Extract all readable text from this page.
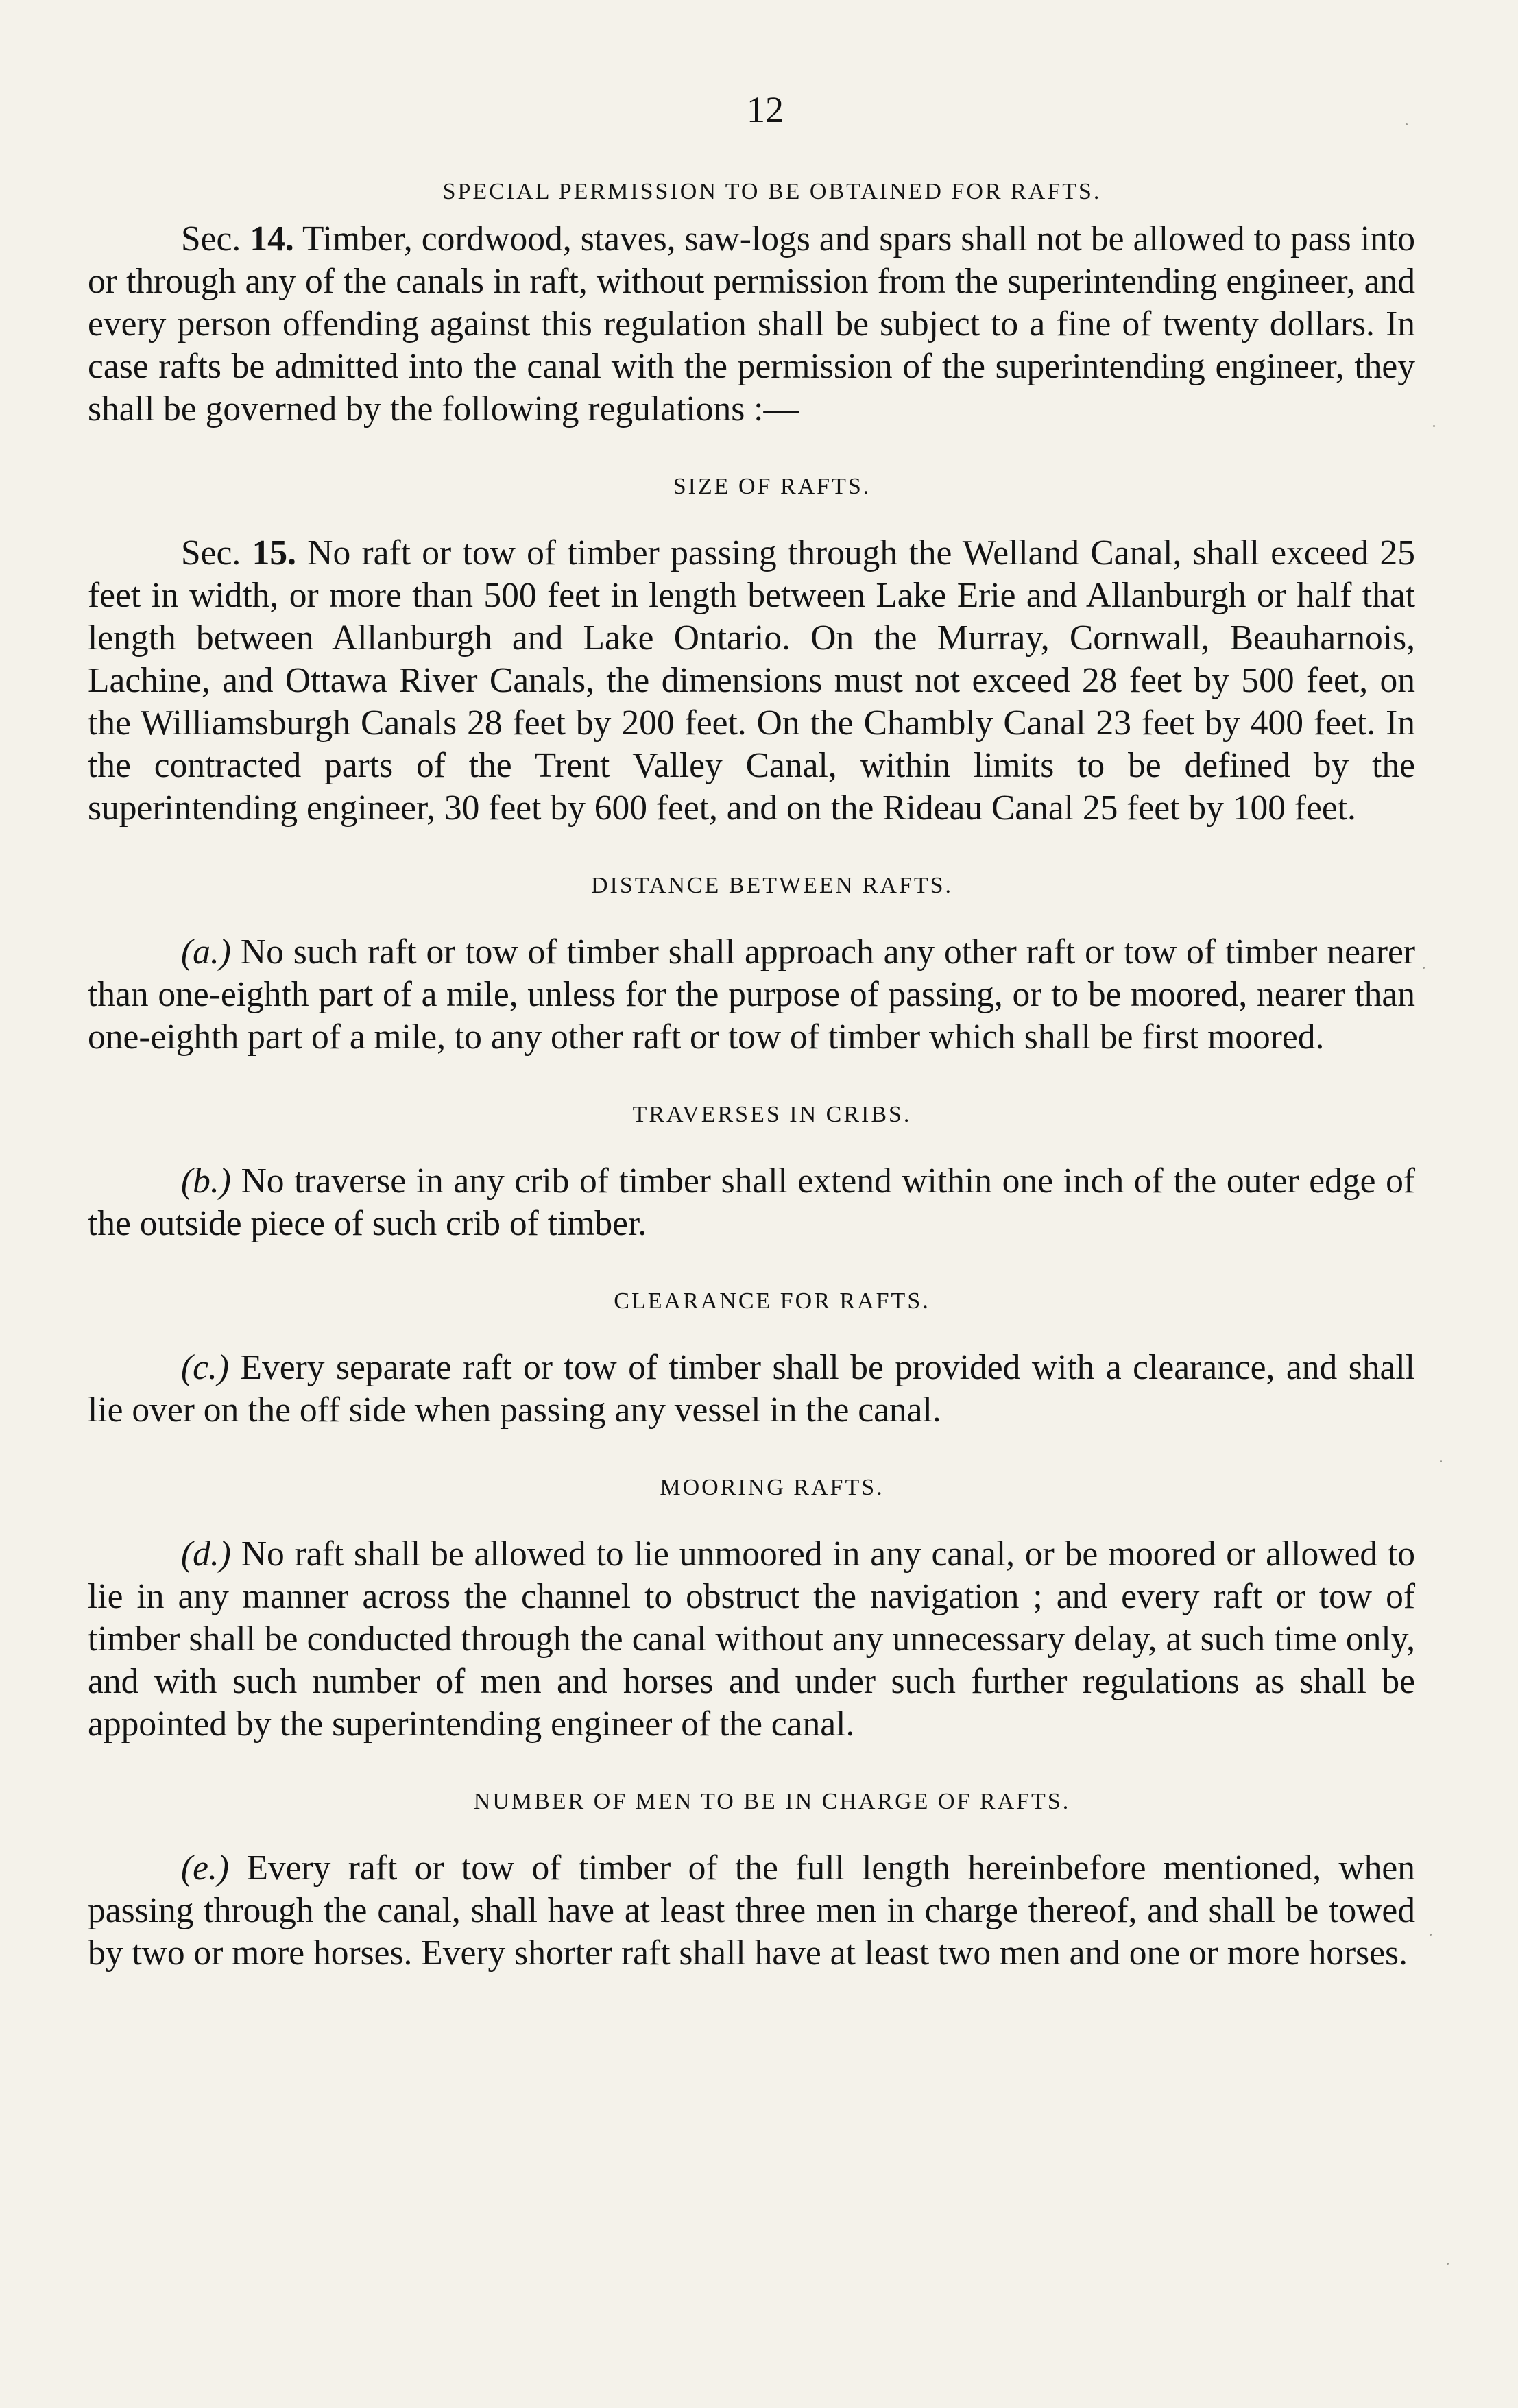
12
SPECIAL PERMISSION TO BE OBTAINED FOR RAFTS.

Sec. 14. Timber, cordwood, staves, saw-logs and spars shall not be allowed to pass into or through any of the canals in raft, without permission from the superintending engineer, and every person offending against this regulation shall be subject to a fine of twenty dollars. In case rafts be admitted into the canal with the permission of the superintending engineer, they shall be governed by the following regulations :—

SIZE OF RAFTS.

Sec. 15. No raft or tow of timber passing through the Welland Canal, shall exceed 25 feet in width, or more than 500 feet in length between Lake Erie and Allanburgh or half that length between Allanburgh and Lake Ontario. On the Murray, Cornwall, Beauharnois, Lachine, and Ottawa River Canals, the dimensions must not exceed 28 feet by 500 feet, on the Williamsburgh Canals 28 feet by 200 feet. On the Chambly Canal 23 feet by 400 feet. In the contracted parts of the Trent Valley Canal, within limits to be defined by the superintending engineer, 30 feet by 600 feet, and on the Rideau Canal 25 feet by 100 feet.

DISTANCE BETWEEN RAFTS.

(a.) No such raft or tow of timber shall approach any other raft or tow of timber nearer than one-eighth part of a mile, unless for the purpose of passing, or to be moored, nearer than one-eighth part of a mile, to any other raft or tow of timber which shall be first moored.

TRAVERSES IN CRIBS.

(b.) No traverse in any crib of timber shall extend within one inch of the outer edge of the outside piece of such crib of timber.

CLEARANCE FOR RAFTS.

(c.) Every separate raft or tow of timber shall be provided with a clearance, and shall lie over on the off side when passing any vessel in the canal.

MOORING RAFTS.

(d.) No raft shall be allowed to lie unmoored in any canal, or be moored or allowed to lie in any manner across the channel to obstruct the navigation ; and every raft or tow of timber shall be conducted through the canal without any unnecessary delay, at such time only, and with such number of men and horses and under such further regulations as shall be appointed by the superintending engineer of the canal.

NUMBER OF MEN TO BE IN CHARGE OF RAFTS.

(e.) Every raft or tow of timber of the full length hereinbefore mentioned, when passing through the canal, shall have at least three men in charge thereof, and shall be towed by two or more horses. Every shorter raft shall have at least two men and one or more horses.
